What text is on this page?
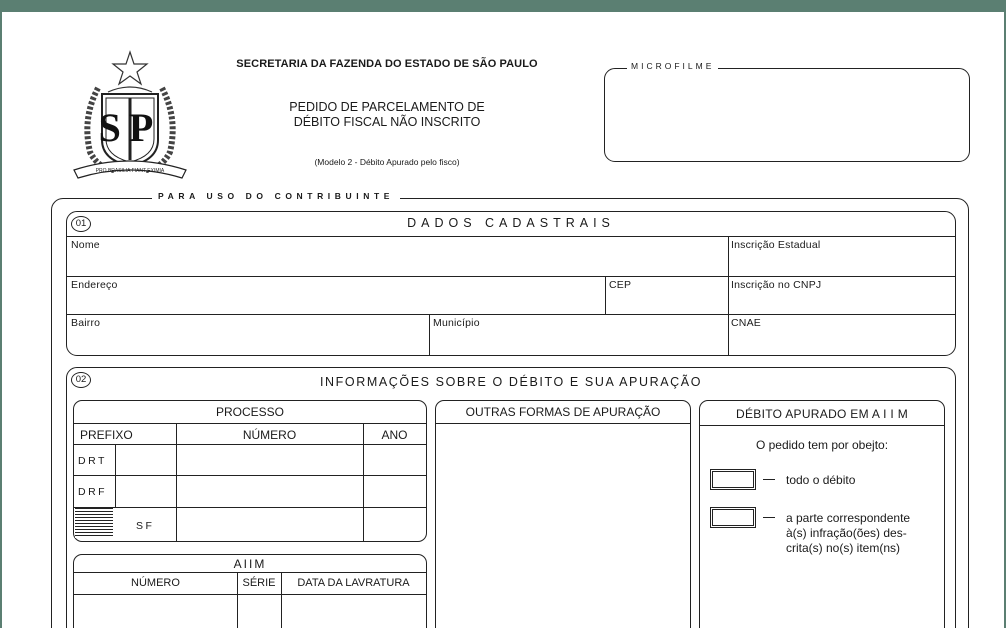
SP
PRO BRASILIA FIANT EXIMIA
SECRETARIA DA FAZENDA DO ESTADO DE SÃO PAULO
PEDIDO DE PARCELAMENTO DE
DÉBITO FISCAL NÃO INSCRITO
(Modelo 2 - Débito Apurado pelo fisco)
MICROFILME
PARA USO DO CONTRIBUINTE
01	DADOS CADASTRAIS
Nome	Inscrição Estadual
Endereço	CEP	Inscrição no CNPJ
Bairro	Município	CNAE
02	INFORMAÇÕES SOBRE O DÉBITO E SUA APURAÇÃO
PROCESSO
PREFIXO	NÚMERO	ANO
DRT
DRF
SF
AIIM
NÚMERO	SÉRIE	DATA DA LAVRATURA
OUTRAS FORMAS DE APURAÇÃO	DÉBITO APURADO EM A I I M
O pedido tem por obejto:
todo o débito
a parte correspondente
à(s) infração(ões) des-
crita(s) no(s) item(ns)
